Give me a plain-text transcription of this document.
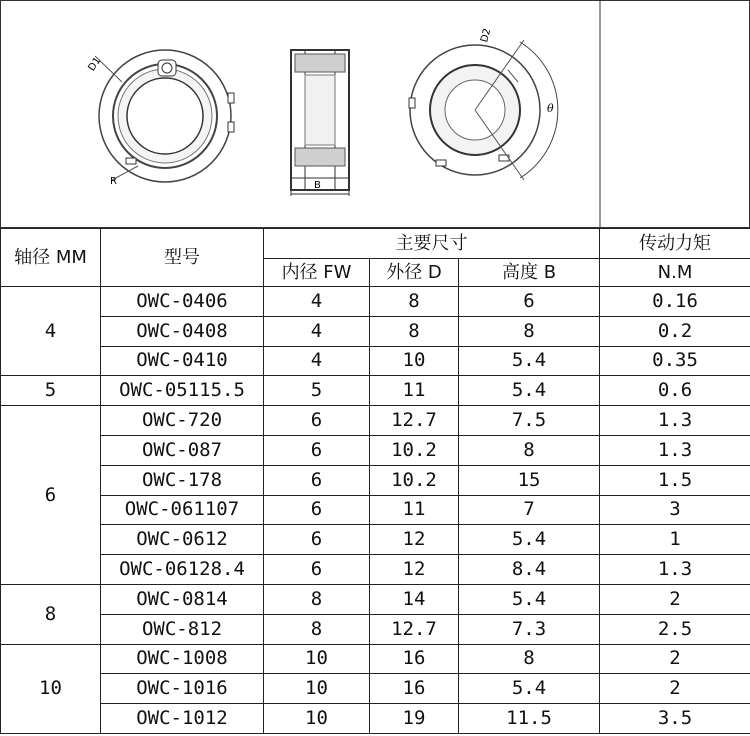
D1
R	B
D2
θ
轴径 MM	型号	主要尺寸			传动力矩
		内径 FW	外径 D	高度 B	N.M
4	OWC-0406	4	8	6	0.16
	OWC-0408	4	8	8	0.2
	OWC-0410	4	10	5.4	0.35
5	OWC-05115.5	5	11	5.4	0.6
6	OWC-720	6	12.7	7.5	1.3
	OWC-087	6	10.2	8	1.3
	OWC-178	6	10.2	15	1.5
	OWC-061107	6	11	7	3
	OWC-0612	6	12	5.4	1
	OWC-06128.4	6	12	8.4	1.3
8	OWC-0814	8	14	5.4	2
	OWC-812	8	12.7	7.3	2.5
10	OWC-1008	10	16	8	2
	OWC-1016	10	16	5.4	2
	OWC-1012	10	19	11.5	3.5
